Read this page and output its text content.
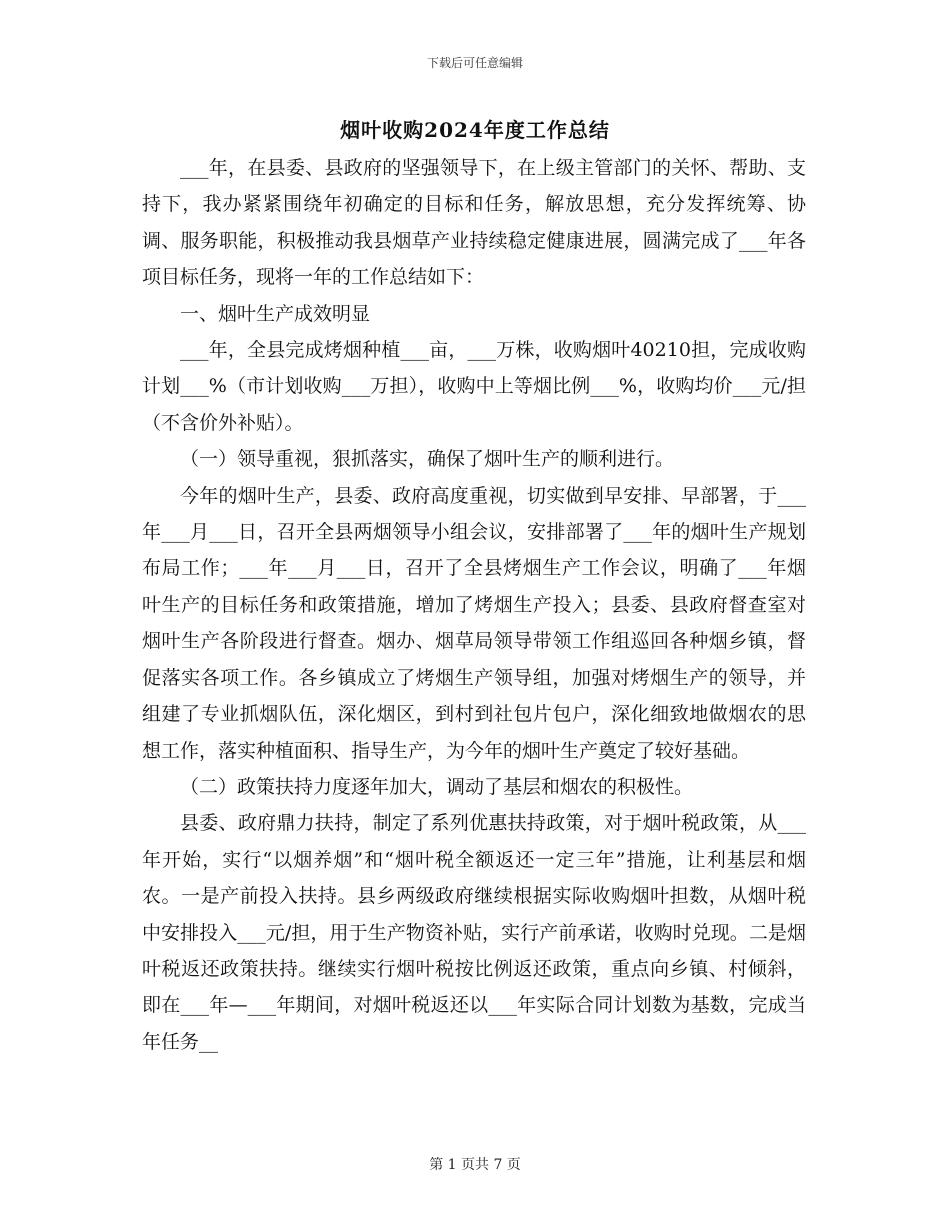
下载后可任意编辑
烟叶收购2024年度工作总结

___年，在县委、县政府的坚强领导下，在上级主管部门的关怀、帮助、支持下，我办紧紧围绕年初确定的目标和任务，解放思想，充分发挥统筹、协调、服务职能，积极推动我县烟草产业持续稳定健康进展，圆满完成了___年各项目标任务，现将一年的工作总结如下：

一、烟叶生产成效明显

___年，全县完成烤烟种植___亩，___万株，收购烟叶40210担，完成收购计划___%（市计划收购___万担），收购中上等烟比例___%，收购均价___元/担（不含价外补贴）。

（一）领导重视，狠抓落实，确保了烟叶生产的顺利进行。

今年的烟叶生产，县委、政府高度重视，切实做到早安排、早部署，于___年___月___日，召开全县两烟领导小组会议，安排部署了___年的烟叶生产规划布局工作；___年___月___日，召开了全县烤烟生产工作会议，明确了___年烟叶生产的目标任务和政策措施，增加了烤烟生产投入；县委、县政府督查室对烟叶生产各阶段进行督查。烟办、烟草局领导带领工作组巡回各种烟乡镇，督促落实各项工作。各乡镇成立了烤烟生产领导组，加强对烤烟生产的领导，并组建了专业抓烟队伍，深化烟区，到村到社包片包户，深化细致地做烟农的思想工作，落实种植面积、指导生产，为今年的烟叶生产奠定了较好基础。

（二）政策扶持力度逐年加大，调动了基层和烟农的积极性。

县委、政府鼎力扶持，制定了系列优惠扶持政策，对于烟叶税政策，从___年开始，实行“以烟养烟”和“烟叶税全额返还一定三年”措施，让利基层和烟农。一是产前投入扶持。县乡两级政府继续根据实际收购烟叶担数，从烟叶税中安排投入___元/担，用于生产物资补贴，实行产前承诺，收购时兑现。二是烟叶税返还政策扶持。继续实行烟叶税按比例返还政策，重点向乡镇、村倾斜，即在___年—___年期间，对烟叶税返还以___年实际合同计划数为基数，完成当年任务__

第 1 页共 7 页
